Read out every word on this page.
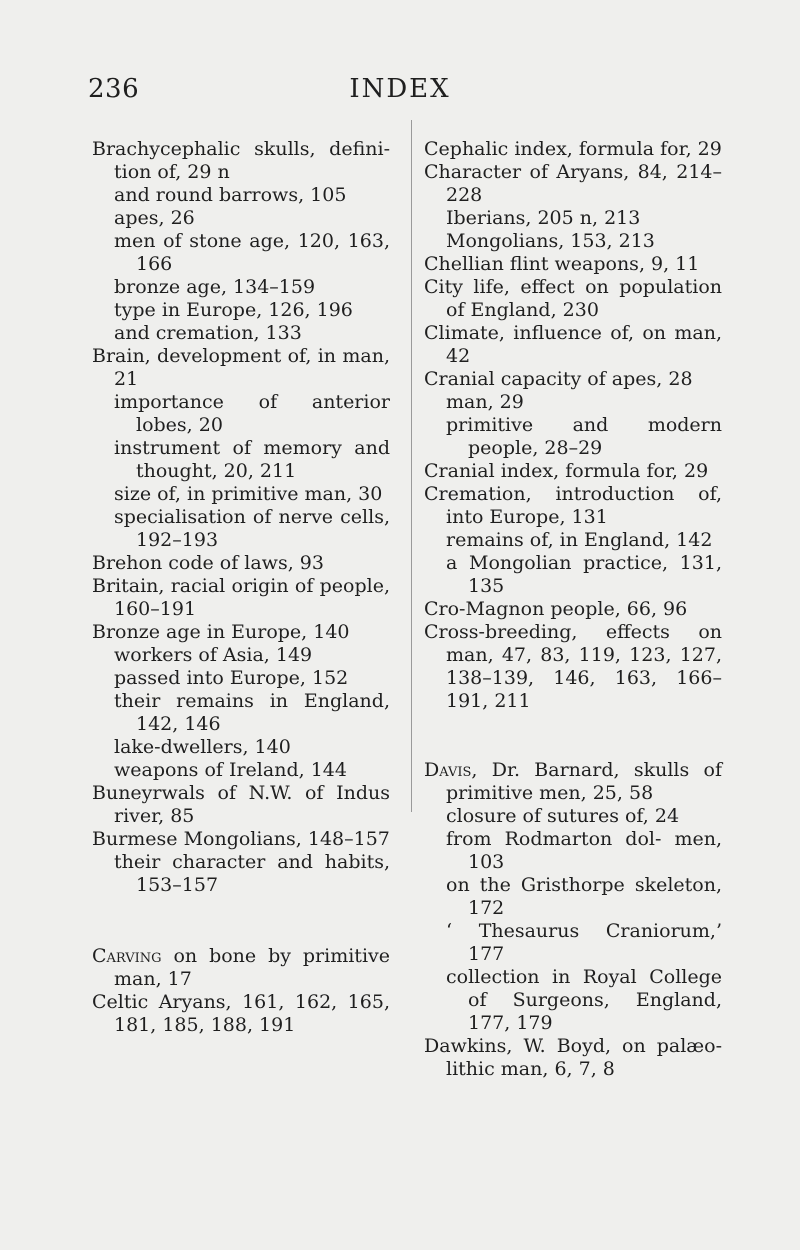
236	INDEX
Brachycephalic skulls, defini- tion of, 29 n
and round barrows, 105
apes, 26
men of stone age, 120, 163, 166
bronze age, 134–159
type in Europe, 126, 196
and cremation, 133
Brain, development of, in man, 21
importance of anterior lobes, 20
instrument of memory and thought, 20, 211
size of, in primitive man, 30
specialisation of nerve cells, 192–193
Brehon code of laws, 93
Britain, racial origin of people, 160–191
Bronze age in Europe, 140
workers of Asia, 149
passed into Europe, 152
their remains in England, 142, 146
lake-dwellers, 140
weapons of Ireland, 144
Buneyrwals of N.W. of Indus river, 85
Burmese Mongolians, 148–157
their character and habits, 153–157
Carving on bone by primitive man, 17
Celtic Aryans, 161, 162, 165, 181, 185, 188, 191
Cephalic index, formula for, 29
Character of Aryans, 84, 214–228
Iberians, 205 n, 213
Mongolians, 153, 213
Chellian flint weapons, 9, 11
City life, effect on population of England, 230
Climate, influence of, on man, 42
Cranial capacity of apes, 28
man, 29
primitive and modern people, 28–29
Cranial index, formula for, 29
Cremation, introduction of, into Europe, 131
remains of, in England, 142
a Mongolian practice, 131, 135
Cro-Magnon people, 66, 96
Cross-breeding, effects on man, 47, 83, 119, 123, 127, 138–139, 146, 163, 166–191, 211
Davis, Dr. Barnard, skulls of primitive men, 25, 58
closure of sutures of, 24
from Rodmarton dol- men, 103
on the Gristhorpe skeleton, 172
‘ Thesaurus Craniorum,’ 177
collection in Royal College of Surgeons, England, 177, 179
Dawkins, W. Boyd, on palæo- lithic man, 6, 7, 8
